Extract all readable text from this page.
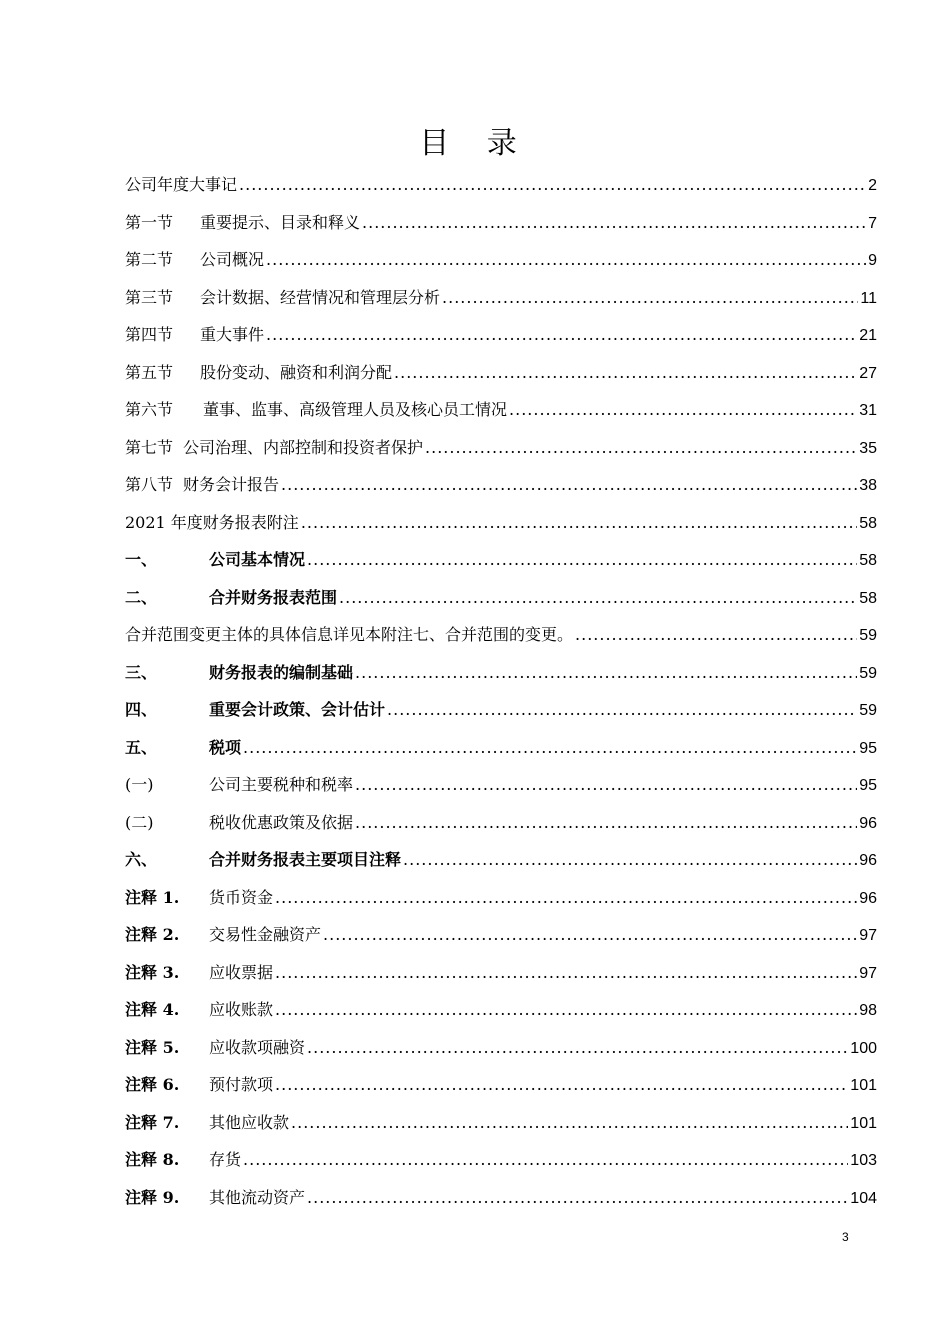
目 录
公司年度大事记 .....	2
第一节 重要提示、目录和释义 .....	7
第二节 公司概况 .....	9
第三节 会计数据、经营情况和管理层分析 .....	11
第四节 重大事件 .....	21
第五节 股份变动、融资和利润分配 .....	27
第六节 董事、监事、高级管理人员及核心员工情况 .....	31
第七节 公司治理、内部控制和投资者保护 .....	35
第八节 财务会计报告 .....	38
2021 年度财务报表附注 .....	58
一、	公司基本情况 .....	58
二、	合并财务报表范围 .....	58
合并范围变更主体的具体信息详见本附注七、合并范围的变更。 .....	59
三、	财务报表的编制基础 .....	59
四、	重要会计政策、会计估计 .....	59
五、	税项 .....	95
(一)	公司主要税种和税率 .....	95
(二)	税收优惠政策及依据 .....	96
六、	合并财务报表主要项目注释 .....	96
注释 1. 货币资金 .....	96
注释 2. 交易性金融资产 .....	97
注释 3. 应收票据 .....	97
注释 4. 应收账款 .....	98
注释 5. 应收款项融资 .....	100
注释 6. 预付款项 .....	101
注释 7. 其他应收款 .....	101
注释 8. 存货 .....	103
注释 9. 其他流动资产 .....	104
3
